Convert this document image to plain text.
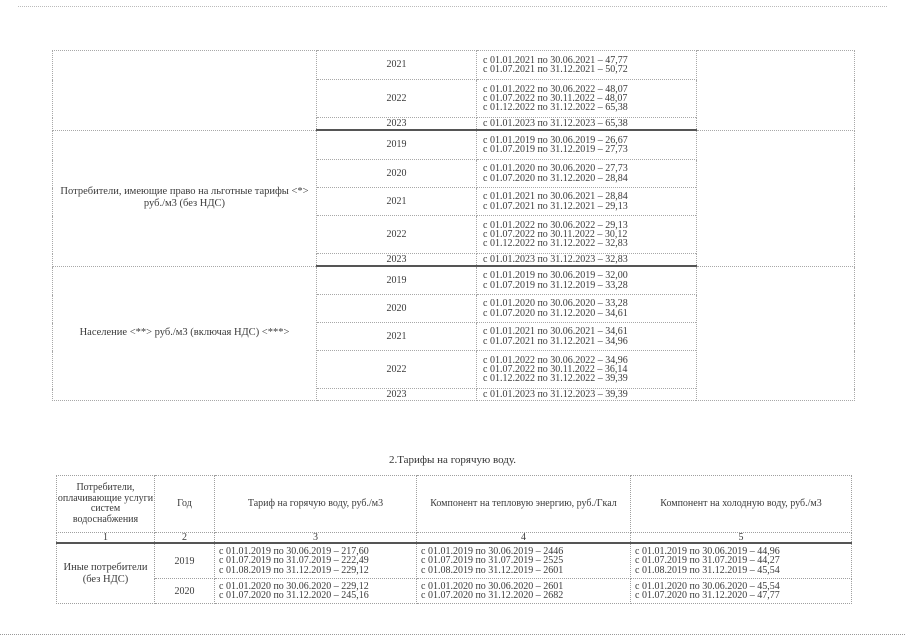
	2021	с 01.01.2021 по 30.06.2021 – 47,77
с 01.07.2021 по 31.12.2021 – 50,72	

	2022	с 01.01.2022 по 30.06.2022 – 48,07
с 01.07.2022 по 30.11.2022 – 48,07
с 01.12.2022 по 31.12.2022 – 65,38	

	2023	с 01.01.2023 по 31.12.2023 – 65,38	

Потребители, имеющие право на льготные тарифы <*> руб./м3 (без НДС)	2019	с 01.01.2019 по 30.06.2019 – 26,67
с 01.07.2019 по 31.12.2019 – 27,73	

	2020	с 01.01.2020 по 30.06.2020 – 27,73
с 01.07.2020 по 31.12.2020 – 28,84	

	2021	с 01.01.2021 по 30.06.2021 – 28,84
с 01.07.2021 по 31.12.2021 – 29,13	

	2022	с 01.01.2022 по 30.06.2022 – 29,13
с 01.07.2022 по 30.11.2022 – 30,12
с 01.12.2022 по 31.12.2022 – 32,83	

	2023	с 01.01.2023 по 31.12.2023 – 32,83	

Население <**> руб./м3 (включая НДС) <***>	2019	с 01.01.2019 по 30.06.2019 – 32,00
с 01.07.2019 по 31.12.2019 – 33,28	

	2020	с 01.01.2020 по 30.06.2020 – 33,28
с 01.07.2020 по 31.12.2020 – 34,61	

	2021	с 01.01.2021 по 30.06.2021 – 34,61
с 01.07.2021 по 31.12.2021 – 34,96	

	2022	с 01.01.2022 по 30.06.2022 – 34,96
с 01.07.2022 по 30.11.2022 – 36,14
с 01.12.2022 по 31.12.2022 – 39,39	

	2023	с 01.01.2023 по 31.12.2023 – 39,39	
2.Тарифы на горячую воду.
Потребители, оплачивающие услуги систем водоснабжения	Год	Тариф на горячую воду, руб./м3	Компонент на тепловую энергию, руб./Гкал	Компонент на холодную воду, руб./м3
1	2	3	4	5
Иные потребители (без НДС)	2019	с 01.01.2019 по 30.06.2019 – 217,60
с 01.07.2019 по 31.07.2019 – 222,49
с 01.08.2019 по 31.12.2019 – 229,12	с 01.01.2019 по 30.06.2019 – 2446
с 01.07.2019 по 31.07.2019 – 2525
с 01.08.2019 по 31.12.2019 – 2601	с 01.01.2019 по 30.06.2019 – 44,96
с 01.07.2019 по 31.07.2019 – 44,27
с 01.08.2019 по 31.12.2019 – 45,54

	2020	с 01.01.2020 по 30.06.2020 – 229,12
с 01.07.2020 по 31.12.2020 – 245,16	с 01.01.2020 по 30.06.2020 – 2601
с 01.07.2020 по 31.12.2020 – 2682	с 01.01.2020 по 30.06.2020 – 45,54
с 01.07.2020 по 31.12.2020 – 47,77
